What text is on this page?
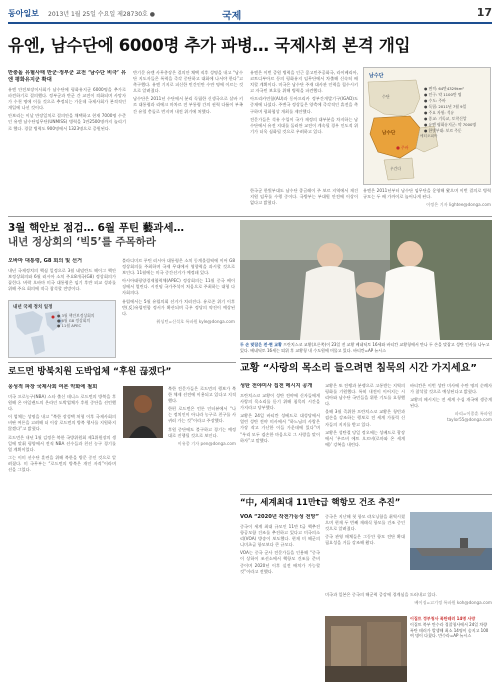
동아일보 2013년 1월 25일 수요일 제28730호 ●	국제	17
유엔, 남수단에 6000명 추가 파병… 국제사회 본격 개입
반충돌 유혈사태 반군·정부군 교전 ‘남수단 비극’ 유엔 평화유지군 확대

유엔 안전보장이사회가 남수단에 평화유지군 6000명을 추가로 파견하기로 결의했다. 정부군과 반군 간 교전이 격화되며 사망자가 수천 명에 이를 것으로 추정되는 가운데 국제사회가 본격적인 개입에 나선 것이다.

안보리는 이날 만장일치로 결의안을 채택하고 현재 7000명 수준인 유엔 남수단임무단(UNMISS) 병력을 1만2500명까지 늘리기로 했다. 경찰 병력도 900명에서 1323명으로 증원된다.

반기문 유엔 사무총장은 결의안 채택 직후 성명을 내고 “남수단 지도자들은 폭력을 즉각 중단하고 대화에 나서야 한다”고 촉구했다. 유엔 기지로 피신한 민간인만 수만 명에 이르는 것으로 알려졌다.

남수단은 2011년 수단에서 분리 독립한 신생국으로 살바 키르 대통령과 리에크 마차르 전 부통령 간의 권력 다툼이 부족 간 유혈 충돌로 번지며 내전 위기에 처했다.

유엔은 이번 증원 병력을 인근 콩고민주공화국, 라이베리아, 코트디부아르 등의 평화유지 임무단에서 차출해 신속히 배치할 계획이다. 미국은 남수단 주재 대사관 인력을 철수시키고 자국민 보호를 위해 병력을 파견했다.

아프리카연합(AU)과 동아프리카 정부간개발기구(IGAD)도 중재에 나섰다. 주변국 정상들은 양측에 즉각적인 휴전을 촉구하며 평화협상 개최를 제안했다.

전문가들은 석유 수입이 국가 재정의 대부분을 차지하는 남수단에서 유전 지대를 둘러싼 교전이 계속될 경우 인도적 위기가 더욱 심화될 것으로 우려하고 있다.

한국군 한빛부대도 남수단 종글레이 주 보르 지역에서 재건 지원 임무를 수행 중이다. 국방부는 부대원 안전에 이상이 없다고 밝혔다.

유엔은 2011년부터 남수단 임무단을 운영해 왔으며 이번 결의로 병력 규모는 두 배 가까이로 늘어나게 된다.

이정은 기자 lightee@donga.com
남수단
수단
남수단
주바
에티오피아
우간다
● 면적: 64만4329km²
● 인구: 약 1100만 명
● 수도: 주바
● 독립: 2011년 7월 9일
● 주요 자원: 석유
● 종교: 기독교, 토착신앙
● 유엔 평화유지군: 약 7000명
● 한빛부대: 보르 주둔
3월 핵안보 점검… 6월 푸틴 藝과세…
내년 정상회의 ‘빅5’를 주목하라
오바마 대통령, G8 회의 및 선거

내년 국제정치의 핵심 일정으로 3월 네덜란드 헤이그 핵안보정상회의와 6월 러시아 소치 주요8개국(G8) 정상회의가 꼽힌다. 버락 오바마 미국 대통령은 임기 후반 외교 성과를 위해 주요 회의에 적극 참석할 전망이다.

내년 국제 정치 일정
● 3월 핵안보정상회의
● 6월 G8 정상회의
● 11월 APEC

블라디미르 푸틴 러시아 대통령은 소치 동계올림픽에 이어 G8 정상회의를 주최하며 국제 무대에서 영향력을 과시할 것으로 보인다. 11월에는 미국 중간선거가 예정돼 있다.

아시아태평양경제협력체(APEC) 정상회의는 11월 중국 베이징에서 열린다. 시진핑 국가주석이 처음으로 주최하는 대형 다자회의다.

유럽에서는 5월 유럽의회 선거가 치러진다. 유로존 위기 이후 반(反)유럽연합 정서가 확산되며 극우 정당의 약진이 예상된다.

워싱턴=신석호 특파원 kyle@donga.com
두 손 맞잡은 전·현 교황 프란치스코 교황(오른쪽)이 23일 전 교황 베네딕토 16세와 바티칸 교황청에서 만나 두 손을 맞잡고 성탄 인사를 나누고 있다. 베네딕토 16세는 퇴위 후 교황청 내 수도원에 머물고 있다. 바티칸=AP 뉴시스
교황 “사랑의 목소리 들으려면 침묵의 시간 가지세요”
성탄 전야미사 집전 메시지 공개

프란치스코 교황이 성탄 전야에 신자들에게 사랑의 목소리를 듣기 위해 침묵의 시간을 가지라고 당부했다.

교황은 24일 바티칸 성베드로 대성당에서 열린 성탄 전야 미사에서 “하느님의 사랑은 가장 작고 가난한 이들 가운데에 있다”며 “우리 모두 겸손한 마음으로 그 사랑을 맞이하자”고 말했다.

교황은 또 전쟁과 분쟁으로 고통받는 지역의 평화를 기원했다. 특히 내전이 이어지는 시리아와 남수단 국민들을 위한 기도를 요청했다.

올해 3월 즉위한 프란치스코 교황은 청빈과 겸손을 강조하는 행보로 전 세계 가톨릭 신자들의 지지를 받고 있다.

교황은 성탄절 당일 정오에는 성베드로 광장에서 ‘우르비 에트 오르비(로마와 온 세계에)’ 강복을 내린다.

바티칸은 이번 성탄 미사에 수만 명의 순례자가 참석할 것으로 예상된다고 밝혔다.

교황의 메시지는 전 세계 수십 개국에 생중계된다.

파리=이종훈 특파원 taylor55@donga.com
로드먼 방북치원 도박업체 “후원 끊겠다”
웅성적 파장 국제사회 여론 악화에 철회

미국 프로농구(NBA) 스타 출신 데니스 로드먼의 방북을 후원해 온 아일랜드의 온라인 도박업체가 후원 중단을 선언했다.

이 업체는 성명을 내고 “북한 장성택 처형 이후 국제사회의 비판 여론을 고려해 더 이상 로드먼의 방북 행사를 지원하지 않겠다”고 밝혔다.

로드먼은 내년 1월 김정은 북한 국방위원회 제1위원장의 생일에 맞춰 평양에서 전직 NBA 선수들과 친선 농구 경기를 열 계획이었다.

그는 이미 선수단 훈련을 위해 북한을 방문 중인 것으로 알려졌다. 미 국무부는 “로드먼의 방북은 개인 자격”이라며 선을 그었다.

북한 전문가들은 로드먼의 행보가 북한 체제 선전에 이용되고 있다고 지적했다.

한편 로드먼은 언론 인터뷰에서 “나는 정치인이 아니라 농구로 친구를 사귀러 가는 것”이라고 주장했다.

후원 중단에도 불구하고 경기는 예정대로 진행될 것으로 보인다.

이유종 기자 pen@donga.com
“中, 세계최대 11만t급 핵항모 건조 추진”
VOA “2020년 작전가능성 전망”

중국이 세계 최대 규모인 11만 t급 핵추진 항공모함 건조를 추진하고 있다고 미국의소리(VOA) 방송이 보도했다. 현재 미 해군의 니미츠급 항모보다 큰 규모다.

VOA는 중국 군사 전문가들을 인용해 “중국이 상하이 조선소에서 핵항모 건조를 준비 중이며 2020년 이후 실전 배치가 가능할 것”이라고 전했다.

중국은 지난해 첫 항모 랴오닝함을 취역시켰으며 현재 두 번째 재래식 항모를 건조 중인 것으로 알려졌다.

중국 관영 매체들은 그동안 항모 전단 확대 필요성을 거듭 강조해 왔다.

미국과 일본은 중국의 해군력 증강에 경계심을 드러내고 있다.

베이징=고기정 특파원 koh@donga.com
이집트 정부청사 폭탄테러 14명 사망
이집트 북부 만수라 경찰청사에서 24일 차량 폭탄 테러가 발생해 최소 14명이 숨지고 100여 명이 다쳤다. 만수라=AP 뉴시스
